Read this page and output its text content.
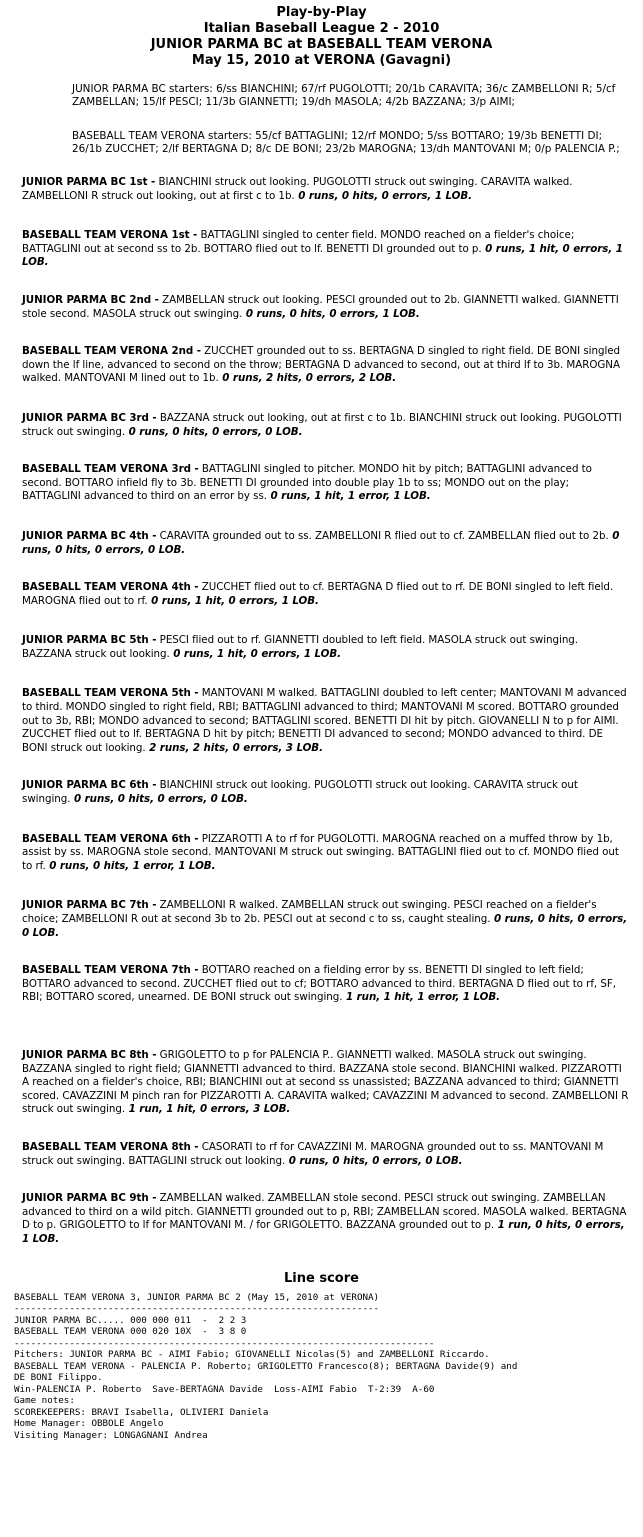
Play-by-Play
Italian Baseball League 2 - 2010
JUNIOR PARMA BC at BASEBALL TEAM VERONA
May 15, 2010 at VERONA (Gavagni)
JUNIOR PARMA BC starters: 6/ss BIANCHINI; 67/rf PUGOLOTTI; 20/1b CARAVITA; 36/c ZAMBELLONI R; 5/cf ZAMBELLAN; 15/lf PESCI; 11/3b GIANNETTI; 19/dh MASOLA; 4/2b BAZZANA; 3/p AIMI;
BASEBALL TEAM VERONA starters: 55/cf BATTAGLINI; 12/rf MONDO; 5/ss BOTTARO; 19/3b BENETTI DI; 26/1b ZUCCHET; 2/lf BERTAGNA D; 8/c DE BONI; 23/2b MAROGNA; 13/dh MANTOVANI M; 0/p PALENCIA P.;
JUNIOR PARMA BC 1st - BIANCHINI struck out looking. PUGOLOTTI struck out swinging. CARAVITA walked. ZAMBELLONI R struck out looking, out at first c to 1b. 0 runs, 0 hits, 0 errors, 1 LOB.
BASEBALL TEAM VERONA 1st - BATTAGLINI singled to center field. MONDO reached on a fielder's choice; BATTAGLINI out at second ss to 2b. BOTTARO flied out to lf. BENETTI DI grounded out to p. 0 runs, 1 hit, 0 errors, 1 LOB.
JUNIOR PARMA BC 2nd - ZAMBELLAN struck out looking. PESCI grounded out to 2b. GIANNETTI walked. GIANNETTI stole second. MASOLA struck out swinging. 0 runs, 0 hits, 0 errors, 1 LOB.
BASEBALL TEAM VERONA 2nd - ZUCCHET grounded out to ss. BERTAGNA D singled to right field. DE BONI singled down the lf line, advanced to second on the throw; BERTAGNA D advanced to second, out at third lf to 3b. MAROGNA walked. MANTOVANI M lined out to 1b. 0 runs, 2 hits, 0 errors, 2 LOB.
JUNIOR PARMA BC 3rd - BAZZANA struck out looking, out at first c to 1b. BIANCHINI struck out looking. PUGOLOTTI struck out swinging. 0 runs, 0 hits, 0 errors, 0 LOB.
BASEBALL TEAM VERONA 3rd - BATTAGLINI singled to pitcher. MONDO hit by pitch; BATTAGLINI advanced to second. BOTTARO infield fly to 3b. BENETTI DI grounded into double play 1b to ss; MONDO out on the play; BATTAGLINI advanced to third on an error by ss. 0 runs, 1 hit, 1 error, 1 LOB.
JUNIOR PARMA BC 4th - CARAVITA grounded out to ss. ZAMBELLONI R flied out to cf. ZAMBELLAN flied out to 2b. 0 runs, 0 hits, 0 errors, 0 LOB.
BASEBALL TEAM VERONA 4th - ZUCCHET flied out to cf. BERTAGNA D flied out to rf. DE BONI singled to left field. MAROGNA flied out to rf. 0 runs, 1 hit, 0 errors, 1 LOB.
JUNIOR PARMA BC 5th - PESCI flied out to rf. GIANNETTI doubled to left field. MASOLA struck out swinging. BAZZANA struck out looking. 0 runs, 1 hit, 0 errors, 1 LOB.
BASEBALL TEAM VERONA 5th - MANTOVANI M walked. BATTAGLINI doubled to left center; MANTOVANI M advanced to third. MONDO singled to right field, RBI; BATTAGLINI advanced to third; MANTOVANI M scored. BOTTARO grounded out to 3b, RBI; MONDO advanced to second; BATTAGLINI scored. BENETTI DI hit by pitch. GIOVANELLI N to p for AIMI. ZUCCHET flied out to lf. BERTAGNA D hit by pitch; BENETTI DI advanced to second; MONDO advanced to third. DE BONI struck out looking. 2 runs, 2 hits, 0 errors, 3 LOB.
JUNIOR PARMA BC 6th - BIANCHINI struck out looking. PUGOLOTTI struck out looking. CARAVITA struck out swinging. 0 runs, 0 hits, 0 errors, 0 LOB.
BASEBALL TEAM VERONA 6th - PIZZAROTTI A to rf for PUGOLOTTI. MAROGNA reached on a muffed throw by 1b, assist by ss. MAROGNA stole second. MANTOVANI M struck out swinging. BATTAGLINI flied out to cf. MONDO flied out to rf. 0 runs, 0 hits, 1 error, 1 LOB.
JUNIOR PARMA BC 7th - ZAMBELLONI R walked. ZAMBELLAN struck out swinging. PESCI reached on a fielder's choice; ZAMBELLONI R out at second 3b to 2b. PESCI out at second c to ss, caught stealing. 0 runs, 0 hits, 0 errors, 0 LOB.
BASEBALL TEAM VERONA 7th - BOTTARO reached on a fielding error by ss. BENETTI DI singled to left field; BOTTARO advanced to second. ZUCCHET flied out to cf; BOTTARO advanced to third. BERTAGNA D flied out to rf, SF, RBI; BOTTARO scored, unearned. DE BONI struck out swinging. 1 run, 1 hit, 1 error, 1 LOB.
JUNIOR PARMA BC 8th - GRIGOLETTO to p for PALENCIA P.. GIANNETTI walked. MASOLA struck out swinging. BAZZANA singled to right field; GIANNETTI advanced to third. BAZZANA stole second. BIANCHINI walked. PIZZAROTTI A reached on a fielder's choice, RBI; BIANCHINI out at second ss unassisted; BAZZANA advanced to third; GIANNETTI scored. CAVAZZINI M pinch ran for PIZZAROTTI A. CARAVITA walked; CAVAZZINI M advanced to second. ZAMBELLONI R struck out swinging. 1 run, 1 hit, 0 errors, 3 LOB.
BASEBALL TEAM VERONA 8th - CASORATI to rf for CAVAZZINI M. MAROGNA grounded out to ss. MANTOVANI M struck out swinging. BATTAGLINI struck out looking. 0 runs, 0 hits, 0 errors, 0 LOB.
JUNIOR PARMA BC 9th - ZAMBELLAN walked. ZAMBELLAN stole second. PESCI struck out swinging. ZAMBELLAN advanced to third on a wild pitch. GIANNETTI grounded out to p, RBI; ZAMBELLAN scored. MASOLA walked. BERTAGNA D to p. GRIGOLETTO to lf for MANTOVANI M. / for GRIGOLETTO. BAZZANA grounded out to p. 1 run, 0 hits, 0 errors, 1 LOB.
Line score
BASEBALL TEAM VERONA 3, JUNIOR PARMA BC 2 (May 15, 2010 at VERONA)
------------------------------------------------------------------
JUNIOR PARMA BC..... 000 000 011  -  2 2 3
BASEBALL TEAM VERONA 000 020 10X  -  3 8 0
----------------------------------------------------------------------------
Pitchers: JUNIOR PARMA BC - AIMI Fabio; GIOVANELLI Nicolas(5) and ZAMBELLONI Riccardo.
BASEBALL TEAM VERONA - PALENCIA P. Roberto; GRIGOLETTO Francesco(8); BERTAGNA Davide(9) and
DE BONI Filippo.
Win-PALENCIA P. Roberto  Save-BERTAGNA Davide  Loss-AIMI Fabio  T-2:39  A-60
Game notes:
SCOREKEEPERS: BRAVI Isabella, OLIVIERI Daniela
Home Manager: OBBOLE Angelo
Visiting Manager: LONGAGNANI Andrea
